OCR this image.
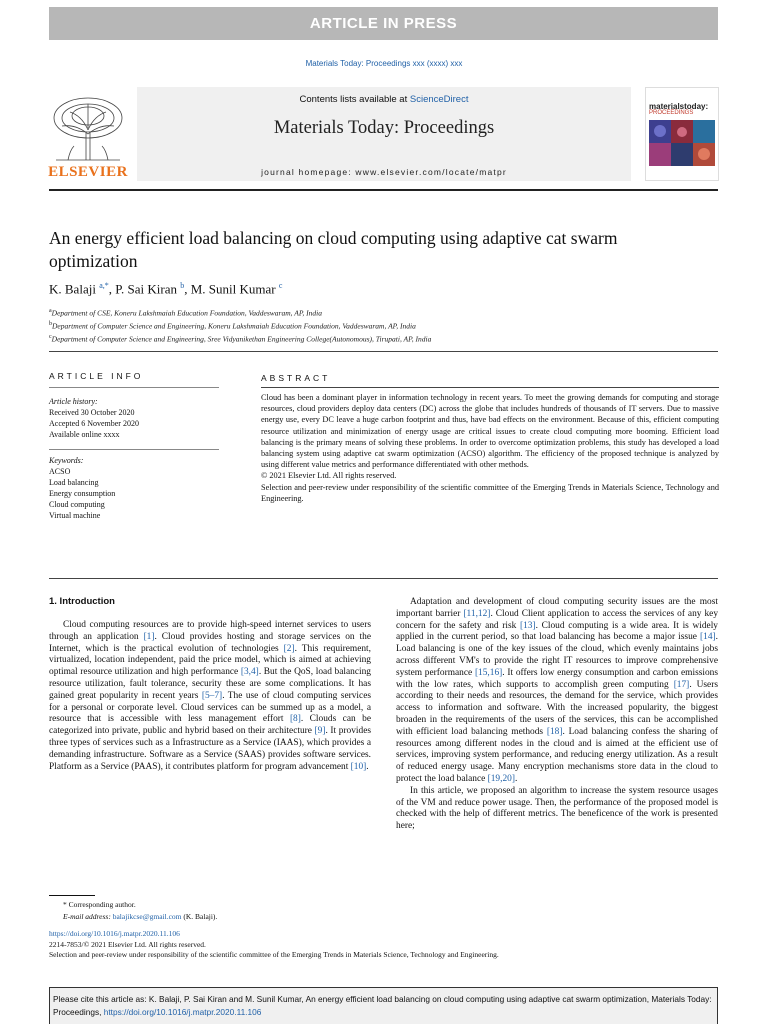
ARTICLE IN PRESS
Materials Today: Proceedings xxx (xxxx) xxx
ELSEVIER
Contents lists available at ScienceDirect
Materials Today: Proceedings
journal homepage: www.elsevier.com/locate/matpr
materialstoday:
PROCEEDINGS
An energy efficient load balancing on cloud computing using adaptive cat swarm optimization
K. Balaji $^{a,*}$, P. Sai Kiran $^b$, M. Sunil Kumar $^c$
$^a$Department of CSE, Koneru Lakshmaiah Education Foundation, Vaddeswaram, AP, India
$^b$Department of Computer Science and Engineering, Koneru Lakshmaiah Education Foundation, Vaddeswaram, AP, India
$^c$Department of Computer Science and Engineering, Sree Vidyanikethan Engineering College(Autonomous), Tirupati, AP, India
ARTICLE INFO	ABSTRACT
Article history:
Received 30 October 2020
Accepted 6 November 2020
Available online xxxx
Keywords:
ACSO
Load balancing
Energy consumption
Cloud computing
Virtual machine

Cloud has been a dominant player in information technology in recent years. To meet the growing demands for computing and storage resources, cloud providers deploy data centers (DC) across the globe that includes hundreds of thousands of IT servers. Due to massive energy use, every DC leave a huge carbon footprint and thus, have bad effects on the environment. Because of this, efficient computing resource utilization and minimization of energy usage are critical issues to create cloud computing more booming. Efficient load balancing is the primary means of solving these problems. In order to overcome optimization problems, this study has developed a load balancing system using adaptive cat swarm optimization (ACSO) algorithm. The efficiency of the proposed technique is analyzed by using different value metrics and performance differentiated with other methods.

© 2021 Elsevier Ltd. All rights reserved.

Selection and peer-review under responsibility of the scientific committee of the Emerging Trends in Materials Science, Technology and Engineering.

1. Introduction

Cloud computing resources are to provide high-speed internet services to users through an application [1]. Cloud provides hosting and storage services on the Internet, which is the practical evolution of technologies [2]. This requirement, virtualized, location independent, paid the price model, which is aimed at achieving optimal resource utilization and high performance [3,4]. But the QoS, load balancing resource utilization, fault tolerance, security these are some complications. It has gained great popularity in recent years [5–7]. The use of cloud computing services for a personal or corporate level. Cloud services can be summed up as a model, a resource that is accessible with less management effort [8]. Clouds can be categorized into private, public and hybrid based on their architecture [9]. It provides three types of services such as a Infrastructure as a Service (IAAS), which provides a demanding infrastructure. Software as a Service (SAAS) provides software services. Platform as a Service (PAAS), it contributes platform for program advancement [10].

Adaptation and development of cloud computing security issues are the most important barrier [11,12]. Cloud Client application to access the services of any key concern for the safety and risk [13]. Cloud computing is a wide area. It is widely applied in the current period, so that load balancing has become a major issue [14]. Load balancing is one of the key issues of the cloud, which evenly maintains jobs across different VM's to provide the right IT resources to improve comprehensive system performance [15,16]. It offers low energy consumption and carbon emissions with the low rates, which supports to accomplish green computing [17]. Users according to their needs and resources, the demand for the service, which provides access to information and software. With the increased popularity, the biggest broaden in the requirements of the users of the services, this can be accomplished with efficient load balancing methods [18]. Load balancing confess the sharing of resources among different nodes in the cloud and is aimed at the efficient use of services, improving system performance, and reducing energy utilization. As a result of reduced energy usage. Many encryption mechanisms store data in the cloud to protect the load balance [19,20].

In this article, we proposed an algorithm to increase the system resource usages of the VM and reduce power usage. Then, the performance of the proposed model is checked with the help of different metrics. The beneficence of the work is presented here;

* Corresponding author.
E-mail address: balajikcse@gmail.com (K. Balaji).
https://doi.org/10.1016/j.matpr.2020.11.106
2214-7853/© 2021 Elsevier Ltd. All rights reserved.
Selection and peer-review under responsibility of the scientific committee of the Emerging Trends in Materials Science, Technology and Engineering.
Please cite this article as: K. Balaji, P. Sai Kiran and M. Sunil Kumar, An energy efficient load balancing on cloud computing using adaptive cat swarm optimization, Materials Today: Proceedings, https://doi.org/10.1016/j.matpr.2020.11.106
